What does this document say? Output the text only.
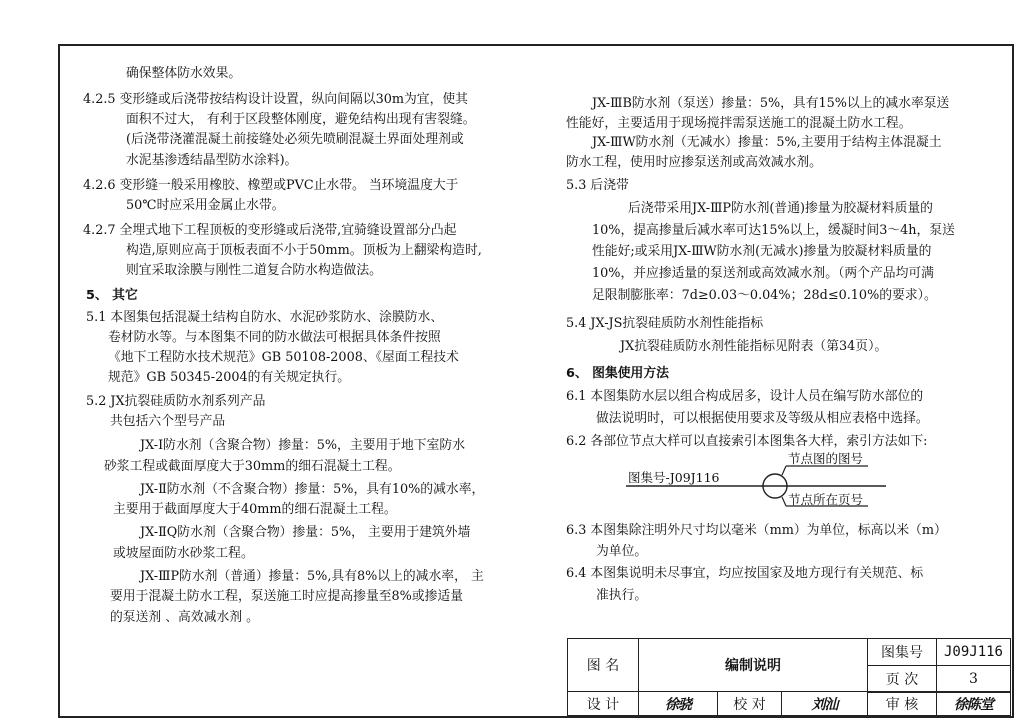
确保整体防水效果。
4.2.5 变形缝或后浇带按结构设计设置，纵向间隔以30m为宜，使其
面积不过大， 有利于区段整体刚度，避免结构出现有害裂缝。
(后浇带浇灌混凝土前接缝处必须先喷刷混凝土界面处理剂或
水泥基渗透结晶型防水涂料)。
4.2.6 变形缝一般采用橡胶、橡塑或PVC止水带。 当环境温度大于
50℃时应采用金属止水带。
4.2.7 全埋式地下工程顶板的变形缝或后浇带,宜骑缝设置部分凸起
构造,原则应高于顶板表面不小于50mm。顶板为上翻梁构造时,
则宜采取涂膜与刚性二道复合防水构造做法。
5、 其它
5.1 本图集包括混凝土结构自防水、水泥砂浆防水、涂膜防水、
卷材防水等。与本图集不同的防水做法可根据具体条件按照
《地下工程防水技术规范》GB 50108-2008、《屋面工程技术
规范》GB 50345-2004的有关规定执行。
5.2 JX抗裂硅质防水剂系列产品
共包括六个型号产品
JX-Ⅰ防水剂（含聚合物）掺量：5%，主要用于地下室防水
砂浆工程或截面厚度大于30mm的细石混凝土工程。
JX-Ⅱ防水剂（不含聚合物）掺量：5%，具有10%的减水率，
主要用于截面厚度大于40mm的细石混凝土工程。
JX-ⅡQ防水剂（含聚合物）掺量：5%， 主要用于建筑外墙
或坡屋面防水砂浆工程。
JX-ⅢP防水剂（普通）掺量：5%,具有8%以上的减水率， 主
要用于混凝土防水工程，泵送施工时应提高掺量至8%或掺适量
的泵送剂 、高效减水剂 。
JX-ⅢB防水剂（泵送）掺量：5%，具有15%以上的减水率泵送
性能好，主要适用于现场搅拌需泵送施工的混凝土防水工程。
JX-ⅢW防水剂（无减水）掺量：5%,主要用于结构主体混凝土
防水工程，使用时应掺泵送剂或高效减水剂。
5.3 后浇带
后浇带采用JX-ⅢP防水剂(普通)掺量为胶凝材料质量的
10%，提高掺量后减水率可达15%以上，缓凝时间3～4h，泵送
性能好;或采用JX-ⅢW防水剂(无减水)掺量为胶凝材料质量的
10%，并应掺适量的泵送剂或高效减水剂。（两个产品均可满
足限制膨胀率：7d≥0.03～0.04%；28d≤0.10%的要求）。
5.4 JX-JS抗裂硅质防水剂性能指标
JX抗裂硅质防水剂性能指标见附表（第34页）。
6、 图集使用方法
6.1 本图集防水层以组合构成居多，设计人员在编写防水部位的
做法说明时，可以根据使用要求及等级从相应表格中选择。
6.2 各部位节点大样可以直接索引本图集各大样，索引方法如下:
6.3 本图集除注明外尺寸均以毫米（mm）为单位，标高以米（m）
为单位。
6.4 本图集说明未尽事宜，均应按国家及地方现行有关规范、标
准执行。
图集号-J09J116
节点图的图号
节点所在页号
图 名	编制说明
图集号	J09J116
页 次	3
设 计	徐骁	校 对	刘汕	审 核	徐陈堂
